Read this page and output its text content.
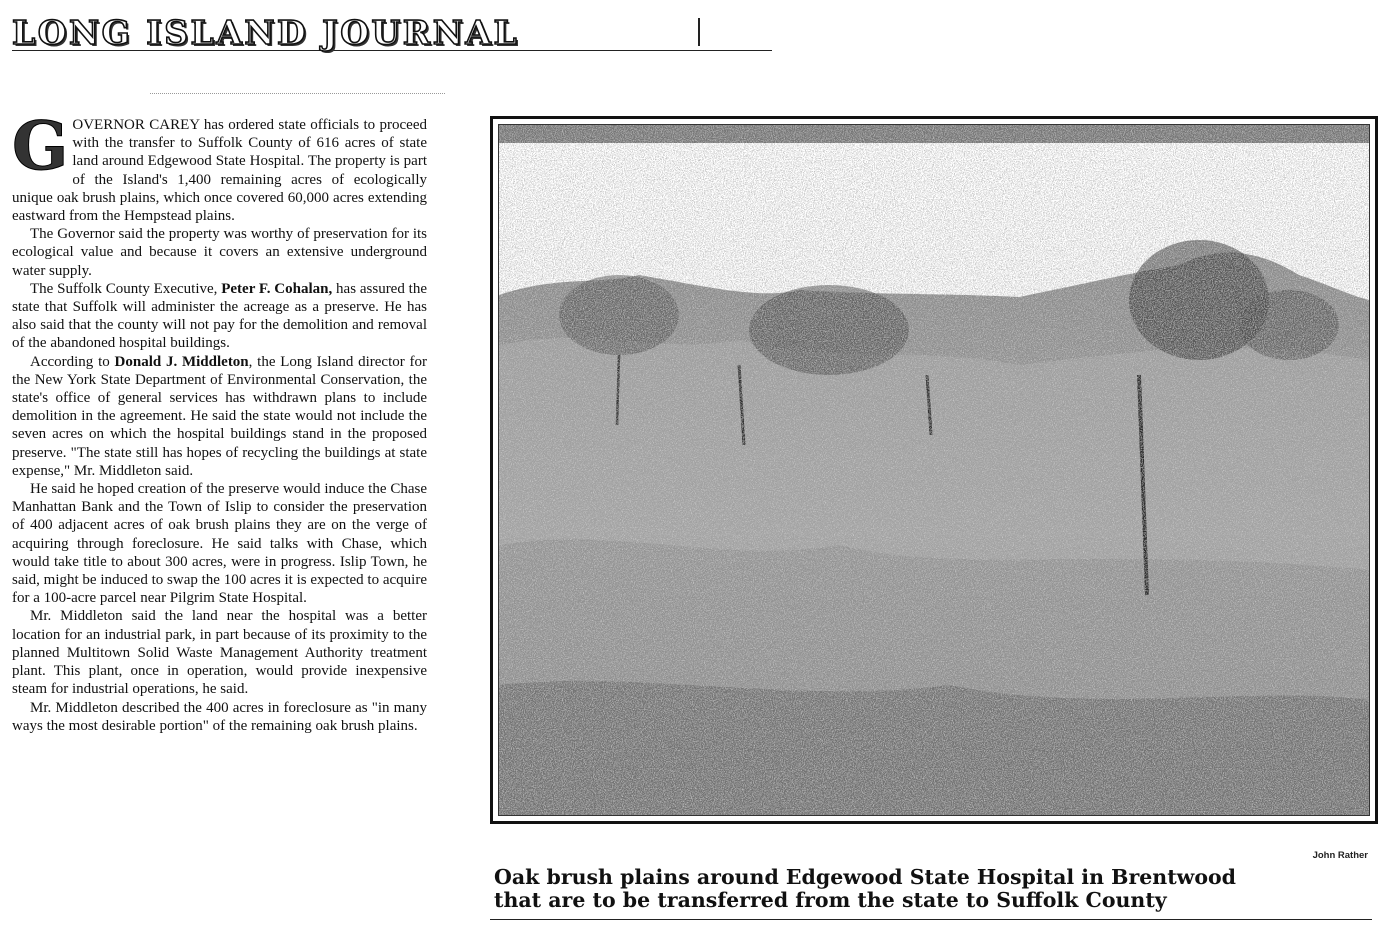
LONG ISLAND JOURNAL

GOVERNOR CAREY has ordered state officials to proceed with the transfer to Suffolk County of 616 acres of state land around Edgewood State Hospital. The property is part of the Island's 1,400 remaining acres of ecologically unique oak brush plains, which once covered 60,000 acres extending eastward from the Hempstead plains.

The Governor said the property was worthy of preservation for its ecological value and because it covers an extensive underground water supply.

The Suffolk County Executive, Peter F. Cohalan, has assured the state that Suffolk will administer the acreage as a preserve. He has also said that the county will not pay for the demolition and removal of the abandoned hospital buildings.

According to Donald J. Middleton, the Long Island director for the New York State Department of Environmental Conservation, the state's office of general services has withdrawn plans to include demolition in the agreement. He said the state would not include the seven acres on which the hospital buildings stand in the proposed preserve. "The state still has hopes of recycling the buildings at state expense," Mr. Middleton said.

He said he hoped creation of the preserve would induce the Chase Manhattan Bank and the Town of Islip to consider the preservation of 400 adjacent acres of oak brush plains they are on the verge of acquiring through foreclosure. He said talks with Chase, which would take title to about 300 acres, were in progress. Islip Town, he said, might be induced to swap the 100 acres it is expected to acquire for a 100-acre parcel near Pilgrim State Hospital.

Mr. Middleton said the land near the hospital was a better location for an industrial park, in part because of its proximity to the planned Multitown Solid Waste Management Authority treatment plant. This plant, once in operation, would provide inexpensive steam for industrial operations, he said.

Mr. Middleton described the 400 acres in foreclosure as "in many ways the most desirable portion" of the remaining oak brush plains.

John Rather
Oak brush plains around Edgewood State Hospital in Brentwood
that are to be transferred from the state to Suffolk County
